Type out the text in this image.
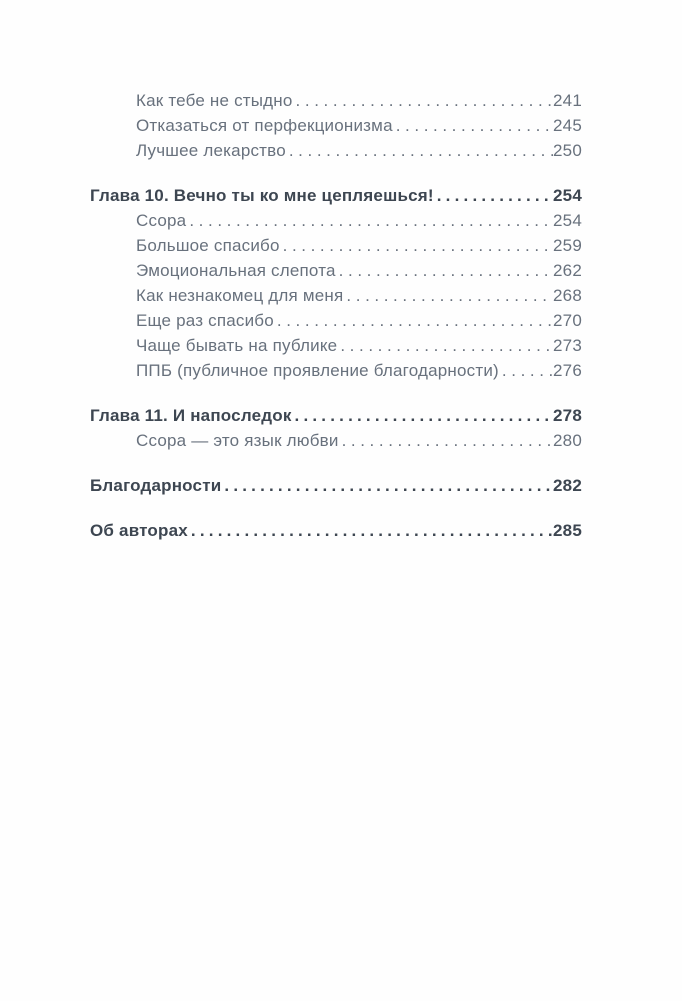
Как тебе не стыдно .....	241
Отказаться от перфекционизма .....	245
Лучшее лекарство .....	250
Глава 10. Вечно ты ко мне цепляешься! .....	254
Ссора .....	254
Большое спасибо .....	259
Эмоциональная слепота .....	262
Как незнакомец для меня .....	268
Еще раз спасибо .....	270
Чаще бывать на публике .....	273
ППБ (публичное проявление благодарности) .....	276
Глава 11. И напоследок .....	278
Ссора — это язык любви .....	280
Благодарности .....	282
Об авторах .....	285
